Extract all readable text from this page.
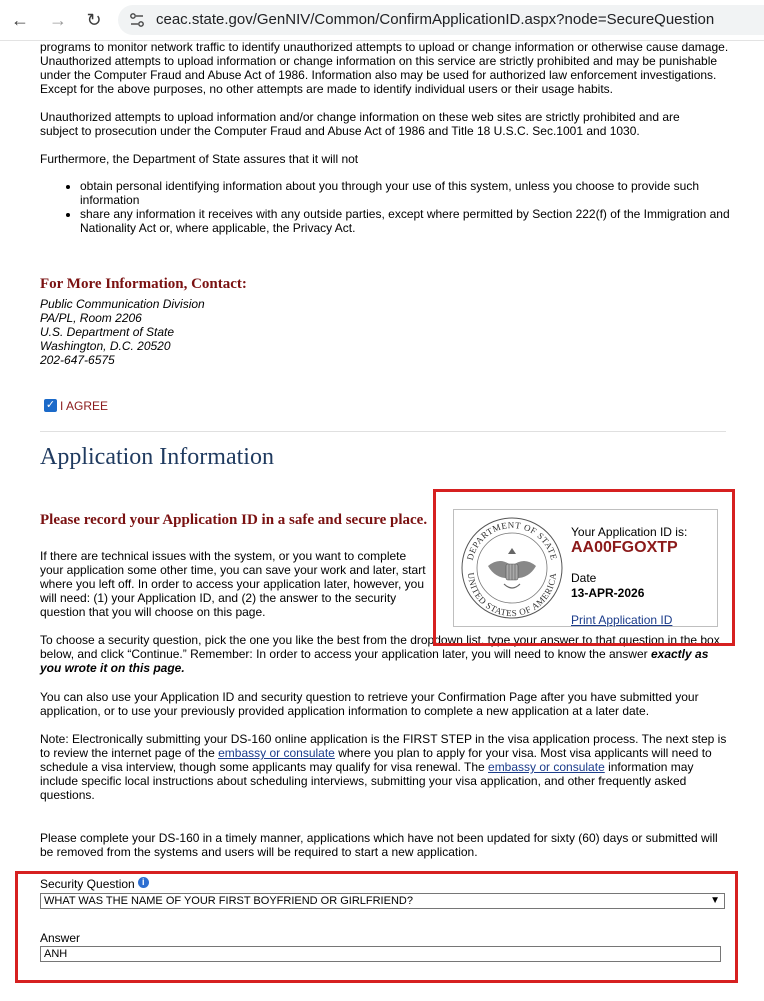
← → ↻	ceac.state.gov/GenNIV/Common/ConfirmApplicationID.aspx?node=SecureQuestion

programs to monitor network traffic to identify unauthorized attempts to upload or change information or otherwise cause damage. Unauthorized attempts to upload information or change information on this service are strictly prohibited and may be punishable under the Computer Fraud and Abuse Act of 1986. Information also may be used for authorized law enforcement investigations. Except for the above purposes, no other attempts are made to identify individual users or their usage habits.

Unauthorized attempts to upload information and/or change information on these web sites are strictly prohibited and are subject to prosecution under the Computer Fraud and Abuse Act of 1986 and Title 18 U.S.C. Sec.1001 and 1030.

Furthermore, the Department of State assures that it will not

• obtain personal identifying information about you through your use of this system, unless you choose to provide such information
• share any information it receives with any outside parties, except where permitted by Section 222(f) of the Immigration and Nationality Act or, where applicable, the Privacy Act.
For More Information, Contact:
Public Communication Division
PA/PL, Room 2206
U.S. Department of State
Washington, D.C. 20520
202-647-6575
✓ I AGREE
Application Information
Please record your Application ID in a safe and secure place.

If there are technical issues with the system, or you want to complete your application some other time, you can save your work and later, start where you left off. In order to access your application later, however, you will need: (1) your Application ID, and (2) the answer to the security question that you will choose on this page.

To choose a security question, pick the one you like the best from the dropdown list, type your answer to that question in the box below, and click “Continue.” Remember: In order to access your application later, you will need to know the answer exactly as you wrote it on this page.

You can also use your Application ID and security question to retrieve your Confirmation Page after you have submitted your application, or to use your previously provided application information to complete a new application at a later date.

Note: Electronically submitting your DS-160 online application is the FIRST STEP in the visa application process. The next step is to review the internet page of the embassy or consulate where you plan to apply for your visa. Most visa applicants will need to schedule a visa interview, though some applicants may qualify for visa renewal. The embassy or consulate information may include specific local instructions about scheduling interviews, submitting your visa application, and other frequently asked questions.

Please complete your DS-160 in a timely manner, applications which have not been updated for sixty (60) days or submitted will be removed from the systems and users will be required to start a new application.

DEPARTMENT OF STATE
UNITED STATES OF AMERICA
Your Application ID is:
AA00FGOXTP
Date
13-APR-2026
Print Application ID
Security Question i
WHAT WAS THE NAME OF YOUR FIRST BOYFRIEND OR GIRLFRIEND?	▼
Answer
ANH
